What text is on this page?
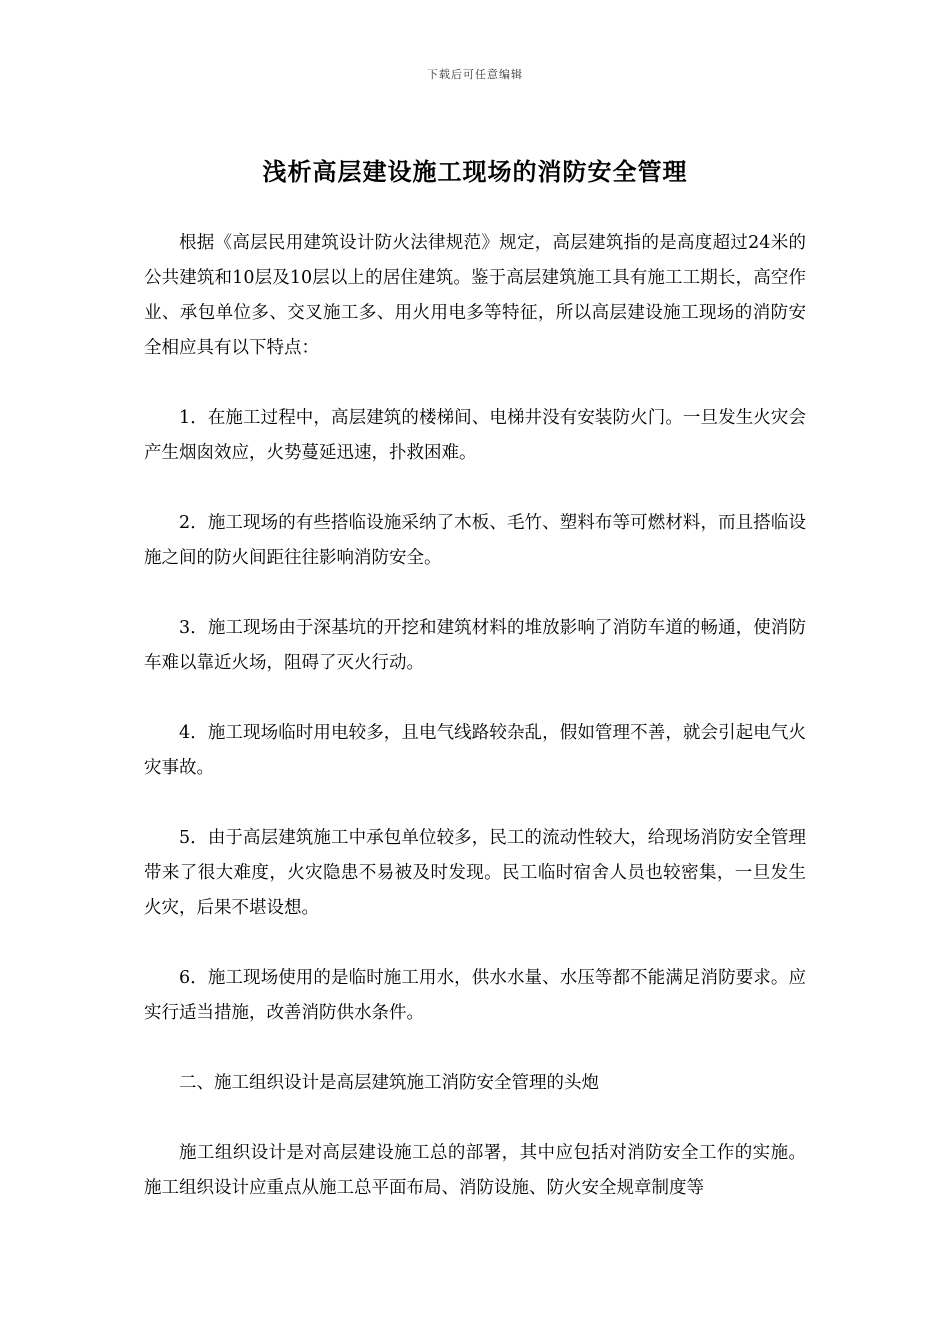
下载后可任意编辑
浅析高层建设施工现场的消防安全管理

根据《高层民用建筑设计防火法律规范》规定，高层建筑指的是高度超过24米的公共建筑和10层及10层以上的居住建筑。鉴于高层建筑施工具有施工工期长，高空作业、承包单位多、交叉施工多、用火用电多等特征，所以高层建设施工现场的消防安全相应具有以下特点：

1．在施工过程中，高层建筑的楼梯间、电梯井没有安装防火门。一旦发生火灾会产生烟囱效应，火势蔓延迅速，扑救困难。

2．施工现场的有些搭临设施采纳了木板、毛竹、塑料布等可燃材料，而且搭临设施之间的防火间距往往影响消防安全。

3．施工现场由于深基坑的开挖和建筑材料的堆放影响了消防车道的畅通，使消防车难以靠近火场，阻碍了灭火行动。

4．施工现场临时用电较多，且电气线路较杂乱，假如管理不善，就会引起电气火灾事故。

5．由于高层建筑施工中承包单位较多，民工的流动性较大，给现场消防安全管理带来了很大难度，火灾隐患不易被及时发现。民工临时宿舍人员也较密集，一旦发生火灾，后果不堪设想。

6．施工现场使用的是临时施工用水，供水水量、水压等都不能满足消防要求。应实行适当措施，改善消防供水条件。

二、施工组织设计是高层建筑施工消防安全管理的头炮

施工组织设计是对高层建设施工总的部署，其中应包括对消防安全工作的实施。施工组织设计应重点从施工总平面布局、消防设施、防火安全规章制度等
